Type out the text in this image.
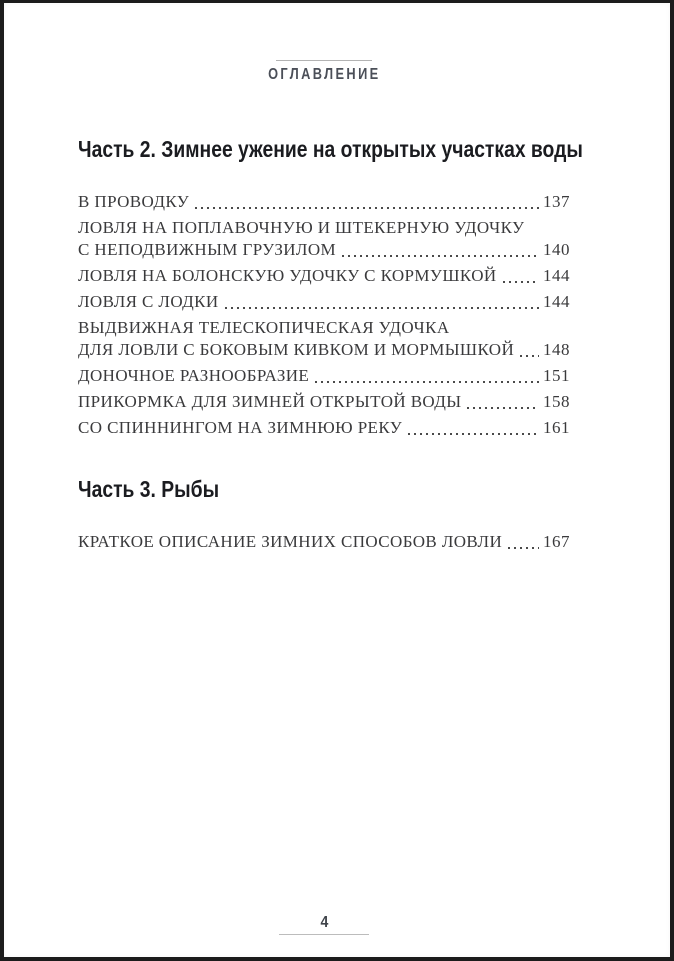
ОГЛАВЛЕНИЕ
Часть 2. Зимнее ужение на открытых участках воды
В ПРОВОДКУ	137
ЛОВЛЯ НА ПОПЛАВОЧНУЮ И ШТЕКЕРНУЮ УДОЧКУ
С НЕПОДВИЖНЫМ ГРУЗИЛОМ	140
ЛОВЛЯ НА БОЛОНСКУЮ УДОЧКУ С КОРМУШКОЙ	144
ЛОВЛЯ С ЛОДКИ	144
ВЫДВИЖНАЯ ТЕЛЕСКОПИЧЕСКАЯ УДОЧКА
ДЛЯ ЛОВЛИ С БОКОВЫМ КИВКОМ И МОРМЫШКОЙ 148
ДОНОЧНОЕ РАЗНООБРАЗИЕ	151
ПРИКОРМКА ДЛЯ ЗИМНЕЙ ОТКРЫТОЙ ВОДЫ	158
СО СПИННИНГОМ НА ЗИМНЮЮ РЕКУ	161
Часть 3. Рыбы
КРАТКОЕ ОПИСАНИЕ ЗИМНИХ СПОСОБОВ ЛОВЛИ 167
4
